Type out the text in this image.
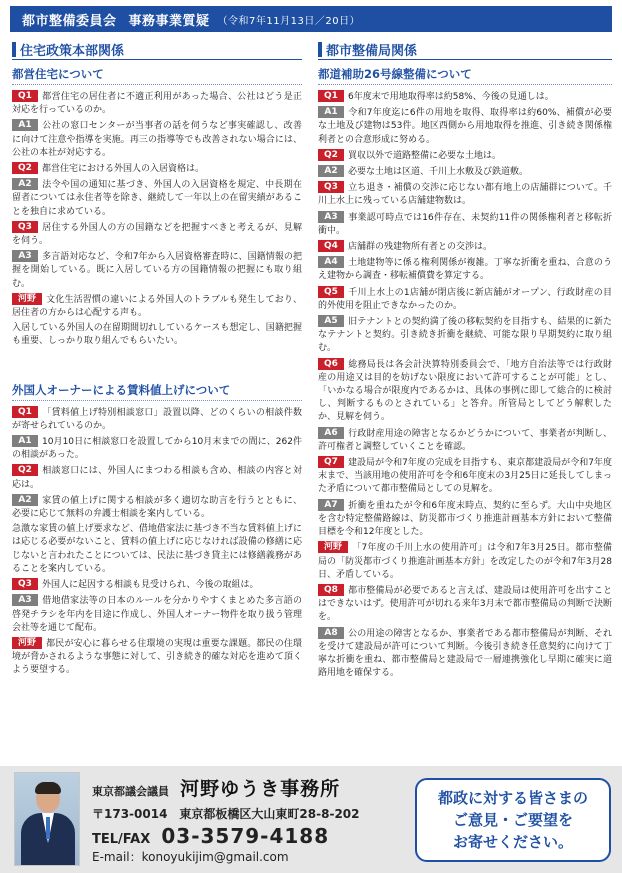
都市整備委員会 事務事業質疑 （令和7年11月13日／20日）
住宅政策本部関係
都営住宅について
Q1 都営住宅の居住者に不適正利用があった場合、公社はどう是正対応を行っているのか。
A1 公社の窓口センターが当事者の話を伺うなど事実確認し、改善に向けて注意や指導を実施。再三の指導等でも改善されない場合には、公社の本社が対応する。
Q2 都営住宅における外国人の入居資格は。
A2 法令や国の通知に基づき、外国人の入居資格を規定、中長期在留者については永住者等を除き、継続して一年以上の在留実績があることを独自に求めている。
Q3 居住する外国人の方の国籍などを把握すべきと考えるが、見解を伺う。
A3 多言語対応など、令和7年から入居資格審査時に、国籍情報の把握を開始している。既に入居している方の国籍情報の把握にも取り組む。
河野 文化生活習慣の違いによる外国人のトラブルも発生しており、居住者の方からは心配する声も。
入居している外国人の在留期間切れしているケースも想定し、国籍把握も重要、しっかり取り組んでもらいたい。
外国人オーナーによる賃料値上げについて
Q1 「賃料値上げ特別相談窓口」設置以降、どのくらいの相談件数が寄せられているのか。
A1 10月10日に相談窓口を設置してから10月末までの間に、262件の相談があった。
Q2 相談窓口には、外国人にまつわる相談も含め、相談の内容と対応は。
A2 家賃の値上げに関する相談が多く適切な助言を行うとともに、必要に応じて無料の弁護士相談を案内している。
急激な家賃の値上げ要求など、借地借家法に基づき不当な賃料値上げには応じる必要がないこと、賃料の値上げに応じなければ設備の修繕に応じないと言われたことについては、民法に基づき貸主には修繕義務があることを案内している。
Q3 外国人に起因する相談も見受けられ、今後の取組は。
A3 借地借家法等の日本のルールを分かりやすくまとめた多言語の啓発チラシを年内を目途に作成し、外国人オーナー物件を取り扱う管理会社等を通じて配布。
河野 都民が安心に暮らせる住環境の実現は重要な課題。都民の住環境が脅かされるような事態に対して、引き続き的確な対応を進めて頂くよう要望する。
都市整備局関係
都道補助26号線整備について
Q1 6年度末で用地取得率は約58%、今後の見通しは。
A1 令和7年度迄に6件の用地を取得、取得率は約60%、補償が必要な土地及び建物は53件。地区西側から用地取得を推進、引き続き関係権利者との合意形成に努める。
Q2 買収以外で道路整備に必要な土地は。
A2 必要な土地は区道、千川上水敷及び鉄道敷。
Q3 立ち退き・補償の交渉に応じない都有地上の店舗群について。千川上水上に残っている店舗建物数は。
A3 事業認可時点では16件存在、未契約11件の関係権利者と移転折衝中。
Q4 店舗群の残建物所有者との交渉は。
A4 土地建物等に係る権利関係が複雑。丁寧な折衝を重ね、合意のうえ建物から調査・移転補償費を算定する。
Q5 千川上水上の1店舗が閉店後に新店舗がオープン、行政財産の目的外使用を阻止できなかったのか。
A5 旧テナントとの契約満了後の移転契約を目指すも、結果的に新たなテナントと契約。引き続き折衝を継続、可能な限り早期契約に取り組む。
Q6 総務局長は各会計決算特別委員会で、「地方自治法等では行政財産の用途又は目的を妨げない限度において許可することが可能」とし、「いかなる場合が限度内であるかは、具体の事例に即して総合的に検討し、判断するものとされている」と答弁。所管局としてどう解釈したか、見解を伺う。
A6 行政財産用途の障害となるかどうかについて、事業者が判断し、許可権者と調整していくことを確認。
Q7 建設局が令和7年度の完成を目指すも、東京都建設局が令和7年度末まで、当該用地の使用許可を令和6年度末の3月25日に延長してしまった矛盾について都市整備局としての見解を。
A7 折衝を重ねたが令和6年度末時点、契約に至らず。大山中央地区を含む特定整備路線は、防災都市づくり推進計画基本方針において整備目標を令和12年度とした。
河野 「7年度の千川上水の使用許可」は令和7年3月25日。都市整備局の「防災都市づくり推進計画基本方針」を改定したのが令和7年3月28日、矛盾している。
Q8 都市整備局が必要であると言えば、建設局は使用許可を出すことはできないはず。使用許可が切れる来年3月末で都市整備局の判断で決断を。
A8 公の用途の障害となるか、事業者である都市整備局が判断、それを受けて建設局が許可について判断。今後引き続き任意契約に向けて丁寧な折衝を重ね、都市整備局と建設局で一層連携強化し早期に確実に道路用地を確保する。
東京都議会議員 河野ゆうき事務所
〒173-0014　東京都板橋区大山東町28-8-202
TEL/FAX 03-3579-4188
E-mail：konoyukijim@gmail.com
都政に対する皆さまの
ご意見・ご要望を
お寄せください。
